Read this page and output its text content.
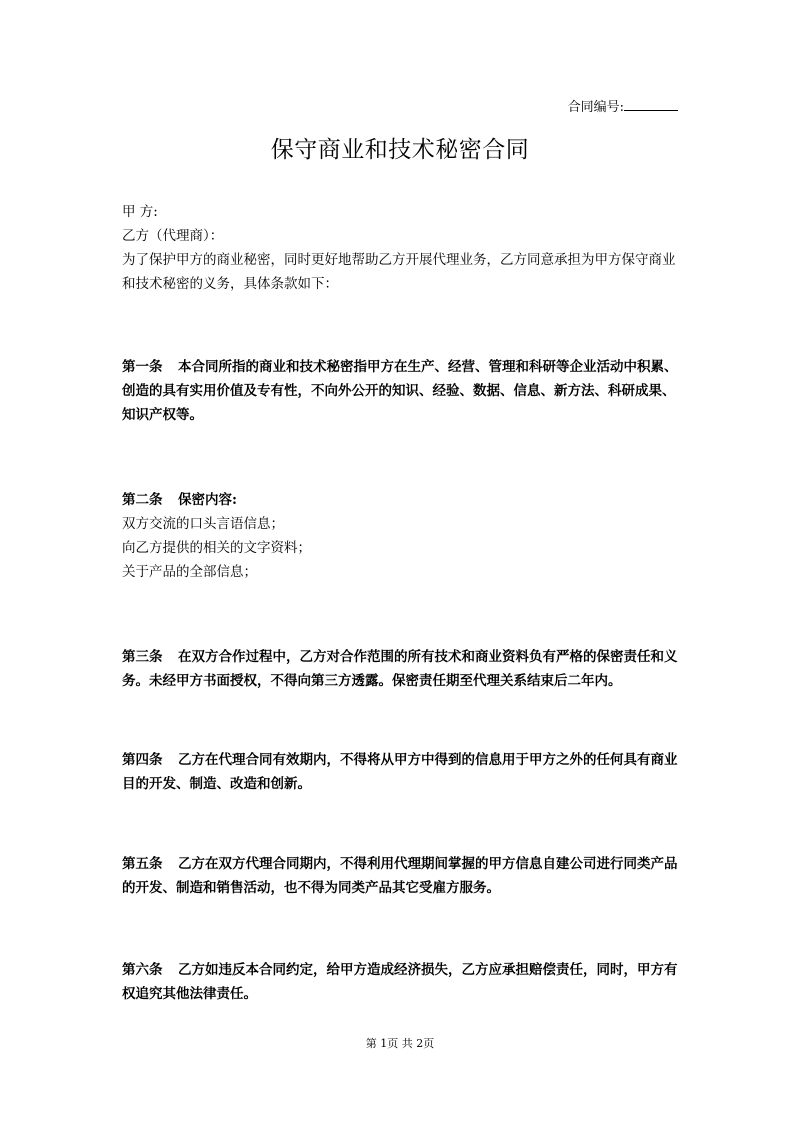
合同编号:
保守商业和技术秘密合同

甲 方:

乙方（代理商）：

为了保护甲方的商业秘密，同时更好地帮助乙方开展代理业务，乙方同意承担为甲方保守商业

和技术秘密的义务，具体条款如下：

第一条 本合同所指的商业和技术秘密指甲方在生产、经营、管理和科研等企业活动中积累、

创造的具有实用价值及专有性，不向外公开的知识、经验、数据、信息、新方法、科研成果、

知识产权等。

第二条 保密内容:

双方交流的口头言语信息；

向乙方提供的相关的文字资料；

关于产品的全部信息；

第三条 在双方合作过程中，乙方对合作范围的所有技术和商业资料负有严格的保密责任和义

务。未经甲方书面授权，不得向第三方透露。保密责任期至代理关系结束后二年内。

第四条 乙方在代理合同有效期内，不得将从甲方中得到的信息用于甲方之外的任何具有商业

目的开发、制造、改造和创新。

第五条 乙方在双方代理合同期内，不得利用代理期间掌握的甲方信息自建公司进行同类产品

的开发、制造和销售活动，也不得为同类产品其它受雇方服务。

第六条 乙方如违反本合同约定，给甲方造成经济损失，乙方应承担赔偿责任，同时，甲方有

权追究其他法律责任。

第 1页 共 2页
